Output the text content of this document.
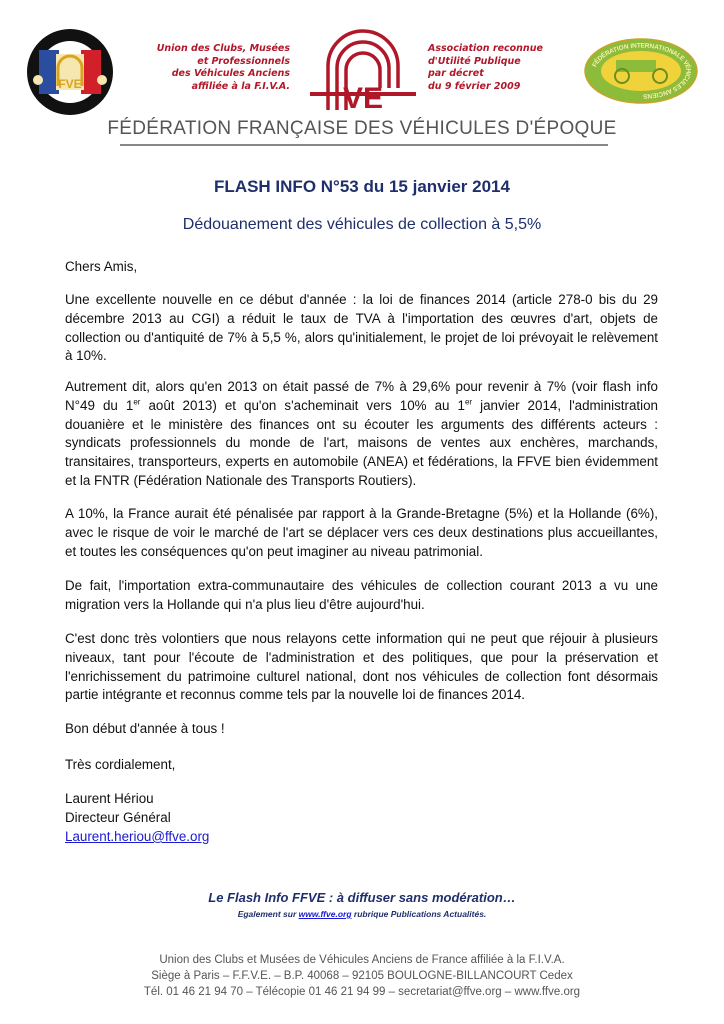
FVE
Union des Clubs, Musées
et Professionnels
des Véhicules Anciens
affiliée à la F.I.V.A. VE
Association reconnue
d'Utilité Publique
par décret
du 9 février 2009
FÉDÉRATION INTERNATIONALE VÉHICULES ANCIENS
FÉDÉRATION FRANÇAISE DES VÉHICULES D'ÉPOQUE
FLASH INFO N°53 du 15 janvier 2014
Dédouanement des véhicules de collection à 5,5%
Chers Amis,
Une excellente nouvelle en ce début d'année : la loi de finances 2014 (article 278-0 bis du 29 décembre 2013 au CGI) a réduit le taux de TVA à l'importation des œuvres d'art, objets de collection ou d'antiquité de 7% à 5,5 %, alors qu'initialement, le projet de loi prévoyait le relèvement à 10%.
Autrement dit, alors qu'en 2013 on était passé de 7% à 29,6% pour revenir à 7% (voir flash info N°49 du 1er août 2013) et qu'on s'acheminait vers 10% au 1er janvier 2014, l'administration douanière et le ministère des finances ont su écouter les arguments des différents acteurs : syndicats professionnels du monde de l'art, maisons de ventes aux enchères, marchands, transitaires, transporteurs, experts en automobile (ANEA) et fédérations, la FFVE bien évidemment et la FNTR (Fédération Nationale des Transports Routiers).
A 10%, la France aurait été pénalisée par rapport à la Grande-Bretagne (5%) et la Hollande (6%), avec le risque de voir le marché de l'art se déplacer vers ces deux destinations plus accueillantes, et toutes les conséquences qu'on peut imaginer au niveau patrimonial.
De fait, l'importation extra-communautaire des véhicules de collection courant 2013 a vu une migration vers la Hollande qui n'a plus lieu d'être aujourd'hui.
C'est donc très volontiers que nous relayons cette information qui ne peut que réjouir à plusieurs niveaux, tant pour l'écoute de l'administration et des politiques, que pour la préservation et l'enrichissement du patrimoine culturel national, dont nos véhicules de collection font désormais partie intégrante et reconnus comme tels par la nouvelle loi de finances 2014.
Bon début d'année à tous !
Très cordialement,
Laurent Hériou
Directeur Général
Laurent.heriou@ffve.org
Le Flash Info FFVE : à diffuser sans modération…
Egalement sur www.ffve.org rubrique Publications Actualités.
Union des Clubs et Musées de Véhicules Anciens de France affiliée à la F.I.V.A.
Siège à Paris – F.F.V.E. – B.P. 40068 – 92105 BOULOGNE-BILLANCOURT Cedex
Tél. 01 46 21 94 70 – Télécopie 01 46 21 94 99 – secretariat@ffve.org – www.ffve.org
